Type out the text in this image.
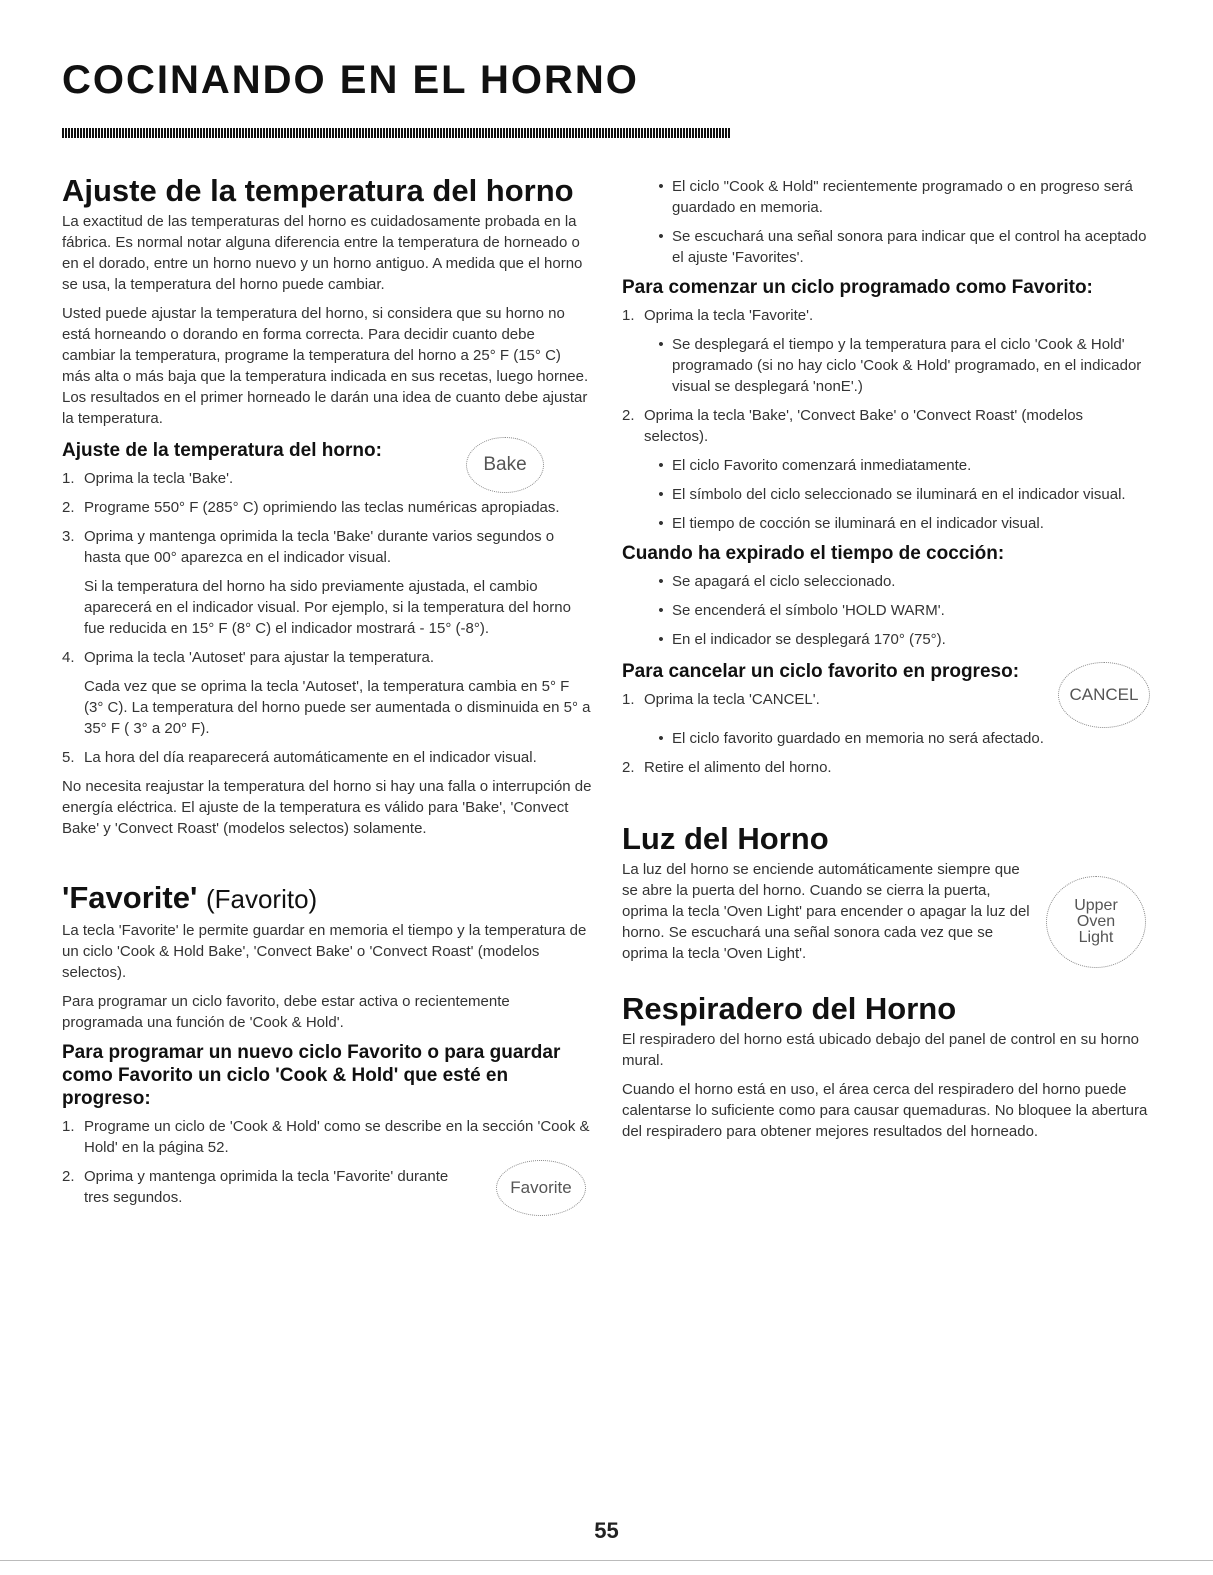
COCINANDO EN EL HORNO
Ajuste de la temperatura del horno

La exactitud de las temperaturas del horno es cuidadosamente probada en la fábrica. Es normal notar alguna diferencia entre la temperatura de horneado o en el dorado, entre un horno nuevo y un horno antiguo. A medida que el horno se usa, la temperatura del horno puede cambiar.

Usted puede ajustar la temperatura del horno, si considera que su horno no está horneando o dorando en forma correcta. Para decidir cuanto debe cambiar la temperatura, programe la temperatura del horno a 25° F (15° C) más alta o más baja que la temperatura indicada en sus recetas, luego hornee. Los resultados en el primer horneado le darán una idea de cuanto debe ajustar la temperatura.

Ajuste de la temperatura del horno:
1. Oprima la tecla 'Bake'.
Bake
2. Programe 550° F (285° C) oprimiendo las teclas numéricas apropiadas.
3. Oprima y mantenga oprimida la tecla 'Bake' durante varios segundos o hasta que 00° aparezca en el indicador visual.

Si la temperatura del horno ha sido previamente ajustada, el cambio aparecerá en el indicador visual. Por ejemplo, si la temperatura del horno fue reducida en 15° F (8° C) el indicador mostrará - 15° (-8°).

4. Oprima la tecla 'Autoset' para ajustar la temperatura.

Cada vez que se oprima la tecla 'Autoset', la temperatura cambia en 5° F (3° C). La temperatura del horno puede ser aumentada o disminuida en 5° a 35° F ( 3° a 20° F).

5. La hora del día reaparecerá automáticamente en el indicador visual.

No necesita reajustar la temperatura del horno si hay una falla o interrupción de energía eléctrica. El ajuste de la temperatura es válido para 'Bake', 'Convect Bake' y 'Convect Roast' (modelos selectos) solamente.

'Favorite' (Favorito)

La tecla 'Favorite' le permite guardar en memoria el tiempo y la temperatura de un ciclo 'Cook & Hold Bake', 'Convect Bake' o 'Convect Roast' (modelos selectos).

Para programar un ciclo favorito, debe estar activa o recientemente programada una función de 'Cook & Hold'.

Para programar un nuevo ciclo Favorito o para guardar como Favorito un ciclo 'Cook & Hold' que esté en progreso:
1. Programe un ciclo de 'Cook & Hold' como se describe en la sección 'Cook & Hold' en la página 52.
2. Oprima y mantenga oprimida la tecla 'Favorite' durante tres segundos.
Favorite
• El ciclo "Cook & Hold" recientemente programado o en progreso será guardado en memoria.
• Se escuchará una señal sonora para indicar que el control ha aceptado el ajuste 'Favorites'.
Para comenzar un ciclo programado como Favorito:
1. Oprima la tecla 'Favorite'.
• Se desplegará el tiempo y la temperatura para el ciclo 'Cook & Hold' programado (si no hay ciclo 'Cook & Hold' programado, en el indicador visual se desplegará 'nonE'.)
2. Oprima la tecla 'Bake', 'Convect Bake' o 'Convect Roast' (modelos selectos).
• El ciclo Favorito comenzará inmediatamente.
• El símbolo del ciclo seleccionado se iluminará en el indicador visual.
• El tiempo de cocción se iluminará en el indicador visual.
Cuando ha expirado el tiempo de cocción:
• Se apagará el ciclo seleccionado.
• Se encenderá el símbolo 'HOLD WARM'.
• En el indicador se desplegará 170° (75°).
Para cancelar un ciclo favorito en progreso:
1. Oprima la tecla 'CANCEL'.	CANCEL
• El ciclo favorito guardado en memoria no será afectado.
2. Retire el alimento del horno.
Luz del Horno

La luz del horno se enciende automáticamente siempre que se abre la puerta del horno. Cuando se cierra la puerta, oprima la tecla 'Oven Light' para encender o apagar la luz del horno. Se escuchará una señal sonora cada vez que se oprima la tecla 'Oven Light'.

Upper
Oven
Light
Respiradero del Horno

El respiradero del horno está ubicado debajo del panel de control en su horno mural.

Cuando el horno está en uso, el área cerca del respiradero del horno puede calentarse lo suficiente como para causar quemaduras. No bloquee la abertura del respiradero para obtener mejores resultados del horneado.

55
